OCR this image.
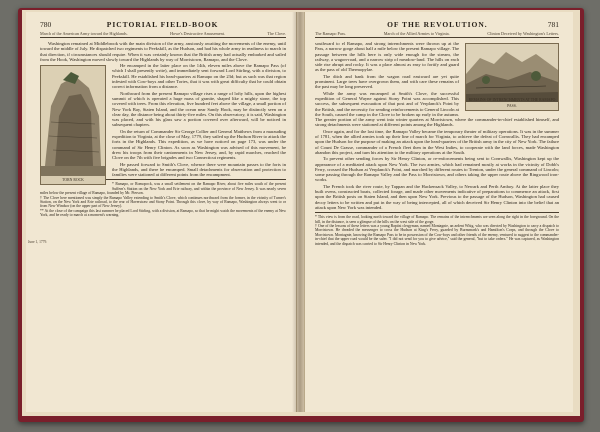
780	PICTORIAL FIELD-BOOK
March of the American Army toward the Highlands.	Howe's Destructive Amusement.	The Clove.

Washington remained at Middlebrook with the main division of the army, anxiously awaiting the movements of the enemy, until toward the middle of July. He dispatched two regiments to Peekskill, as the Hudson, and had his whole army in readiness to march in that direction, if circumstances should require. When it was certainly known that the British army had actually embarked and sailed from the Hook, Washington moved slowly toward the Highlands by way of Morristown, Ramapo, and the Clove.

TORN ROCK

He encamped in the latter place on the 14th, eleven miles above the Ramapo Pass (of which I shall presently write), and immediately sent forward Lord Stirling, with a division, to Peekskill. He established his head-quarters at Ramapo on the 23d; but as such was that region infested with Cow-boys and other Tories, that it was with great difficulty that he could obtain correct information from a distance.

Northward from the present Ramapo village rises a range of lofty hills, upon the highest summit of which is operated a huge mass of granite, shaped like a mighty stone, the top covered with trees. From this elevation, five hundred feet above the village, a small portion of New York Bay, Staten Island, and the ocean near Sandy Hook, may be distinctly seen on a clear day, the distance being about thirty-five miles. On this observatory, it is said, Washington was placed, and with his glass saw a portion covered over afterward, will be noticed in subsequent chapters.

On the return of Commander Sir George Collier and General Matthews from a marauding expedition to Virginia, at the close of May, 1779, they sailed up the Hudson River to attack the forts in the Highlands. This expedition, as we have noticed on page 173, was under the command of Sir Henry Clinton. As soon as Washington was advised of this movement, he drew his troops from their cantonments in New Jersey, and, by rapid marches, reached the Clove on the 7th with five brigades and two Connecticut regiments.

He passed forward to Smith's Clove, whence there were mountain passes to the forts in the Highlands, and there he encamped. Small detachments for observation and protection to families were stationed at different points from the encampment.

* Ramapo, or Romopock, was a small settlement on the Ramapo River, about five miles south of the present Suffern's Station on the New York and Erie railway, and within the province of New Jersey. It was nearly seven miles below the present village of Ramapo, founded by Mr. Pierson.

† The Clove here mentioned was simply the Ramapo Valley extending to Smith's Clove, which continues northward from the former, in the vicinity of Turner's Station, on the New York and Erie railroad, to the rear of Haverstraw and Stony Point. Through this clove, by way of Ramapo, Washington always went to or from New Windsor (on the upper part of New Jersey).

** At the close of the campaign this last summer he placed Lord Stirling, with a division, at Ramapo, so that he might watch the movements of the enemy at New York, and be ready to march at a moment's warning.

June 1, 1779.
OF THE REVOLUTION.	781
The Ramapo Pass.	March of the Allied Armies to Virginia.	Clinton Deceived by Washington's Letters.
REMAINS OF INTRENCHMENTS AT THE RAMAPO PASS.

southward to el Ramapo, and strong intrenchments were thrown up at the Pass, a narrow gorge about half a mile below the present Ramapo village. The passage between the hills here is only wide enough for the stream, the railway, a wagon-road, and a narrow strip of meadow-land. The hills on each side rise abrupt and rocky. It was a place almost as easy to fortify and guard as the pass of old Thermopylae.

The ditch and bank from the wagon road eastward are yet quite prominent. Large trees have overgrown them, and with care these remains of the past may be long preserved.

While the army was encamped at Smith's Clove, the successful expedition of General Wayne against Stony Point was accomplished. This success, the subsequent evacuation of that post and of Verplanck's Point by the British, and the necessity for sending reinforcements to General Lincoln at the South, caused the camp in the Clove to be broken up early in the autumn. The greater portion of the army went into winter quarters at Morristown, where the commander-in-chief established himself, and strong detachments were stationed at different points among the Highlands.

Once again, and for the last time, the Ramapo Valley became the temporary theater of military operations. It was in the summer of 1781, when the allied armies took up their line of march for Virginia, to achieve the defeat of Cornwallis. They had encamped upon the Hudson for the purpose of making an attack upon the head-quarters of the British army in the city of New York. The failure of Count De Grasse, commander of a French fleet then in the West Indies, to cooperate with the land forces, made Washington abandon this project, and turn his attention to the military operations at the South.

To prevent other sending forces by Sir Henry Clinton, or re-enforcements being sent to Cornwallis, Washington kept up the appearance of a meditated attack upon New York. The two armies, which had remained mostly at works in the vicinity of Dobb's Ferry, crossed the Hudson at Verplanck's Point, and marched by different routes to Trenton, under the general command of Lincoln; some passing through the Ramapo Valley and the Pass to Morristown, and others taking the upper route above the Ringwood iron-works.

The French took the river route, by Tappan and the Hackensack Valley, to Newark and Perth Amboy. At the latter place they built ovens, constructed boats, collected forage, and made other movements indicative of preparations to commence an attack, first upon the British posts on Staten Island, and then upon New York. Previous to the passage of the Hudson, Washington had caused decoy letters to be written and put in the way of being intercepted, all of which deceived Sir Henry Clinton into the belief that an attack upon New York was intended.

* This view is from the road, looking north toward the village of Ramapo. The remains of the intrenchments are seen along the right in the foreground. On the hill, in the distance, is seen a glimpse of the hills on the west side of the gorge.

† One of the lessons of these letters was a young Baptist clergyman, named Montagnie, an ardent Whig, who was directed by Washington to carry a dispatch to Morristown. He dreaded the messenger to cross the Hudson at King's Ferry, guarded by Burnsmark's and Hamilton's Corps, and through the Clove to Morristown. Montagnie, knowing the Ramapo Pass to be in possession of the Cow-boys and other friends of the enemy, ventured to suggest to the commander-in-chief that the upper road would be the safer. "I did not send for you to give advice," said the general, "but to take orders." He was captured, as Washington intended, and the dispatch was carried to Sir Henry Clinton in New York.
